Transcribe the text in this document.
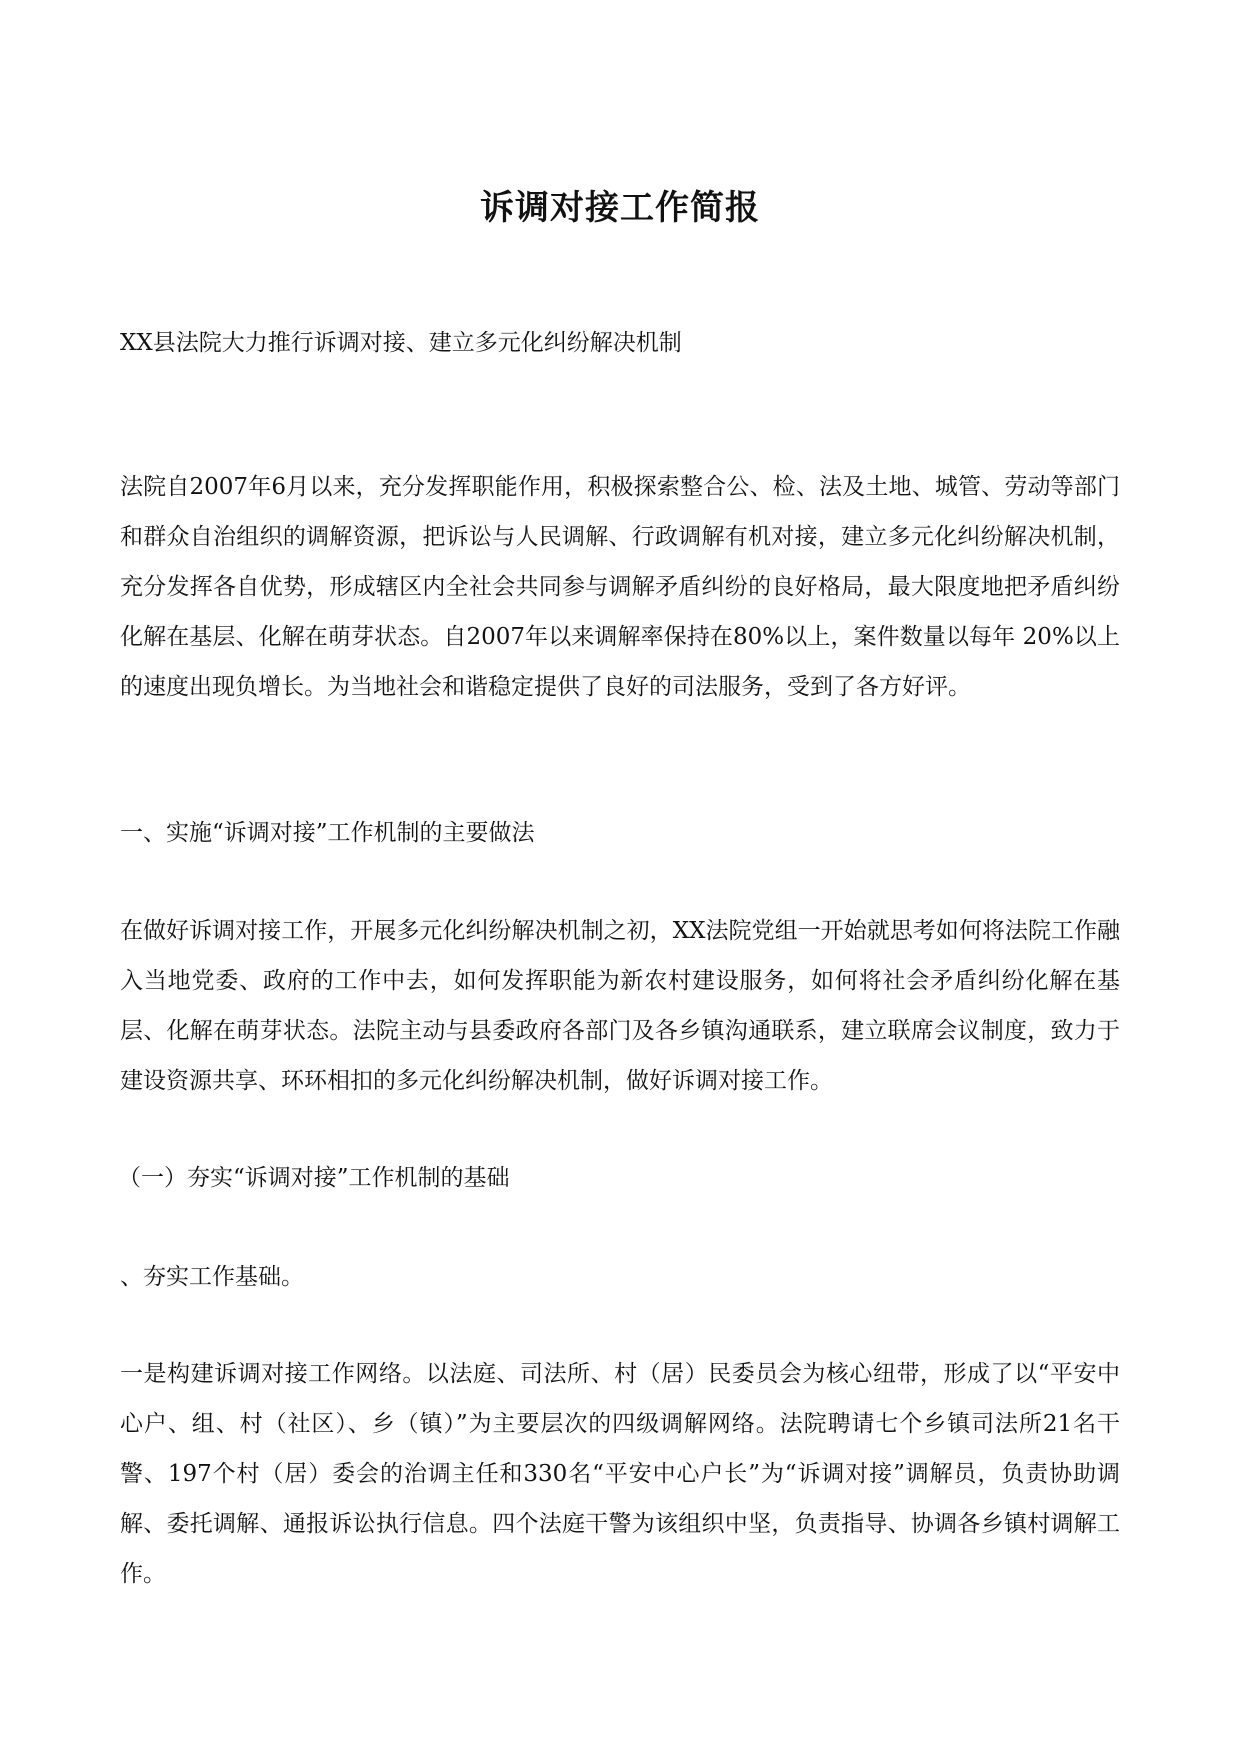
诉调对接工作简报

XX县法院大力推行诉调对接、建立多元化纠纷解决机制

法院自2007年6月以来，充分发挥职能作用，积极探索整合公、检、法及土地、城管、劳动等部门和群众自治组织的调解资源，把诉讼与人民调解、行政调解有机对接，建立多元化纠纷解决机制，充分发挥各自优势，形成辖区内全社会共同参与调解矛盾纠纷的良好格局，最大限度地把矛盾纠纷化解在基层、化解在萌芽状态。自2007年以来调解率保持在80%以上，案件数量以每年 20%以上的速度出现负增长。为当地社会和谐稳定提供了良好的司法服务，受到了各方好评。

一、实施“诉调对接”工作机制的主要做法

在做好诉调对接工作，开展多元化纠纷解决机制之初，XX法院党组一开始就思考如何将法院工作融入当地党委、政府的工作中去，如何发挥职能为新农村建设服务，如何将社会矛盾纠纷化解在基层、化解在萌芽状态。法院主动与县委政府各部门及各乡镇沟通联系，建立联席会议制度，致力于建设资源共享、环环相扣的多元化纠纷解决机制，做好诉调对接工作。

（一）夯实“诉调对接”工作机制的基础

、夯实工作基础。

一是构建诉调对接工作网络。以法庭、司法所、村（居）民委员会为核心纽带，形成了以“平安中心户、组、村（社区）、乡（镇）”为主要层次的四级调解网络。法院聘请七个乡镇司法所21名干警、197个村（居）委会的治调主任和330名“平安中心户长”为“诉调对接”调解员，负责协助调解、委托调解、通报诉讼执行信息。四个法庭干警为该组织中坚，负责指导、协调各乡镇村调解工作。
